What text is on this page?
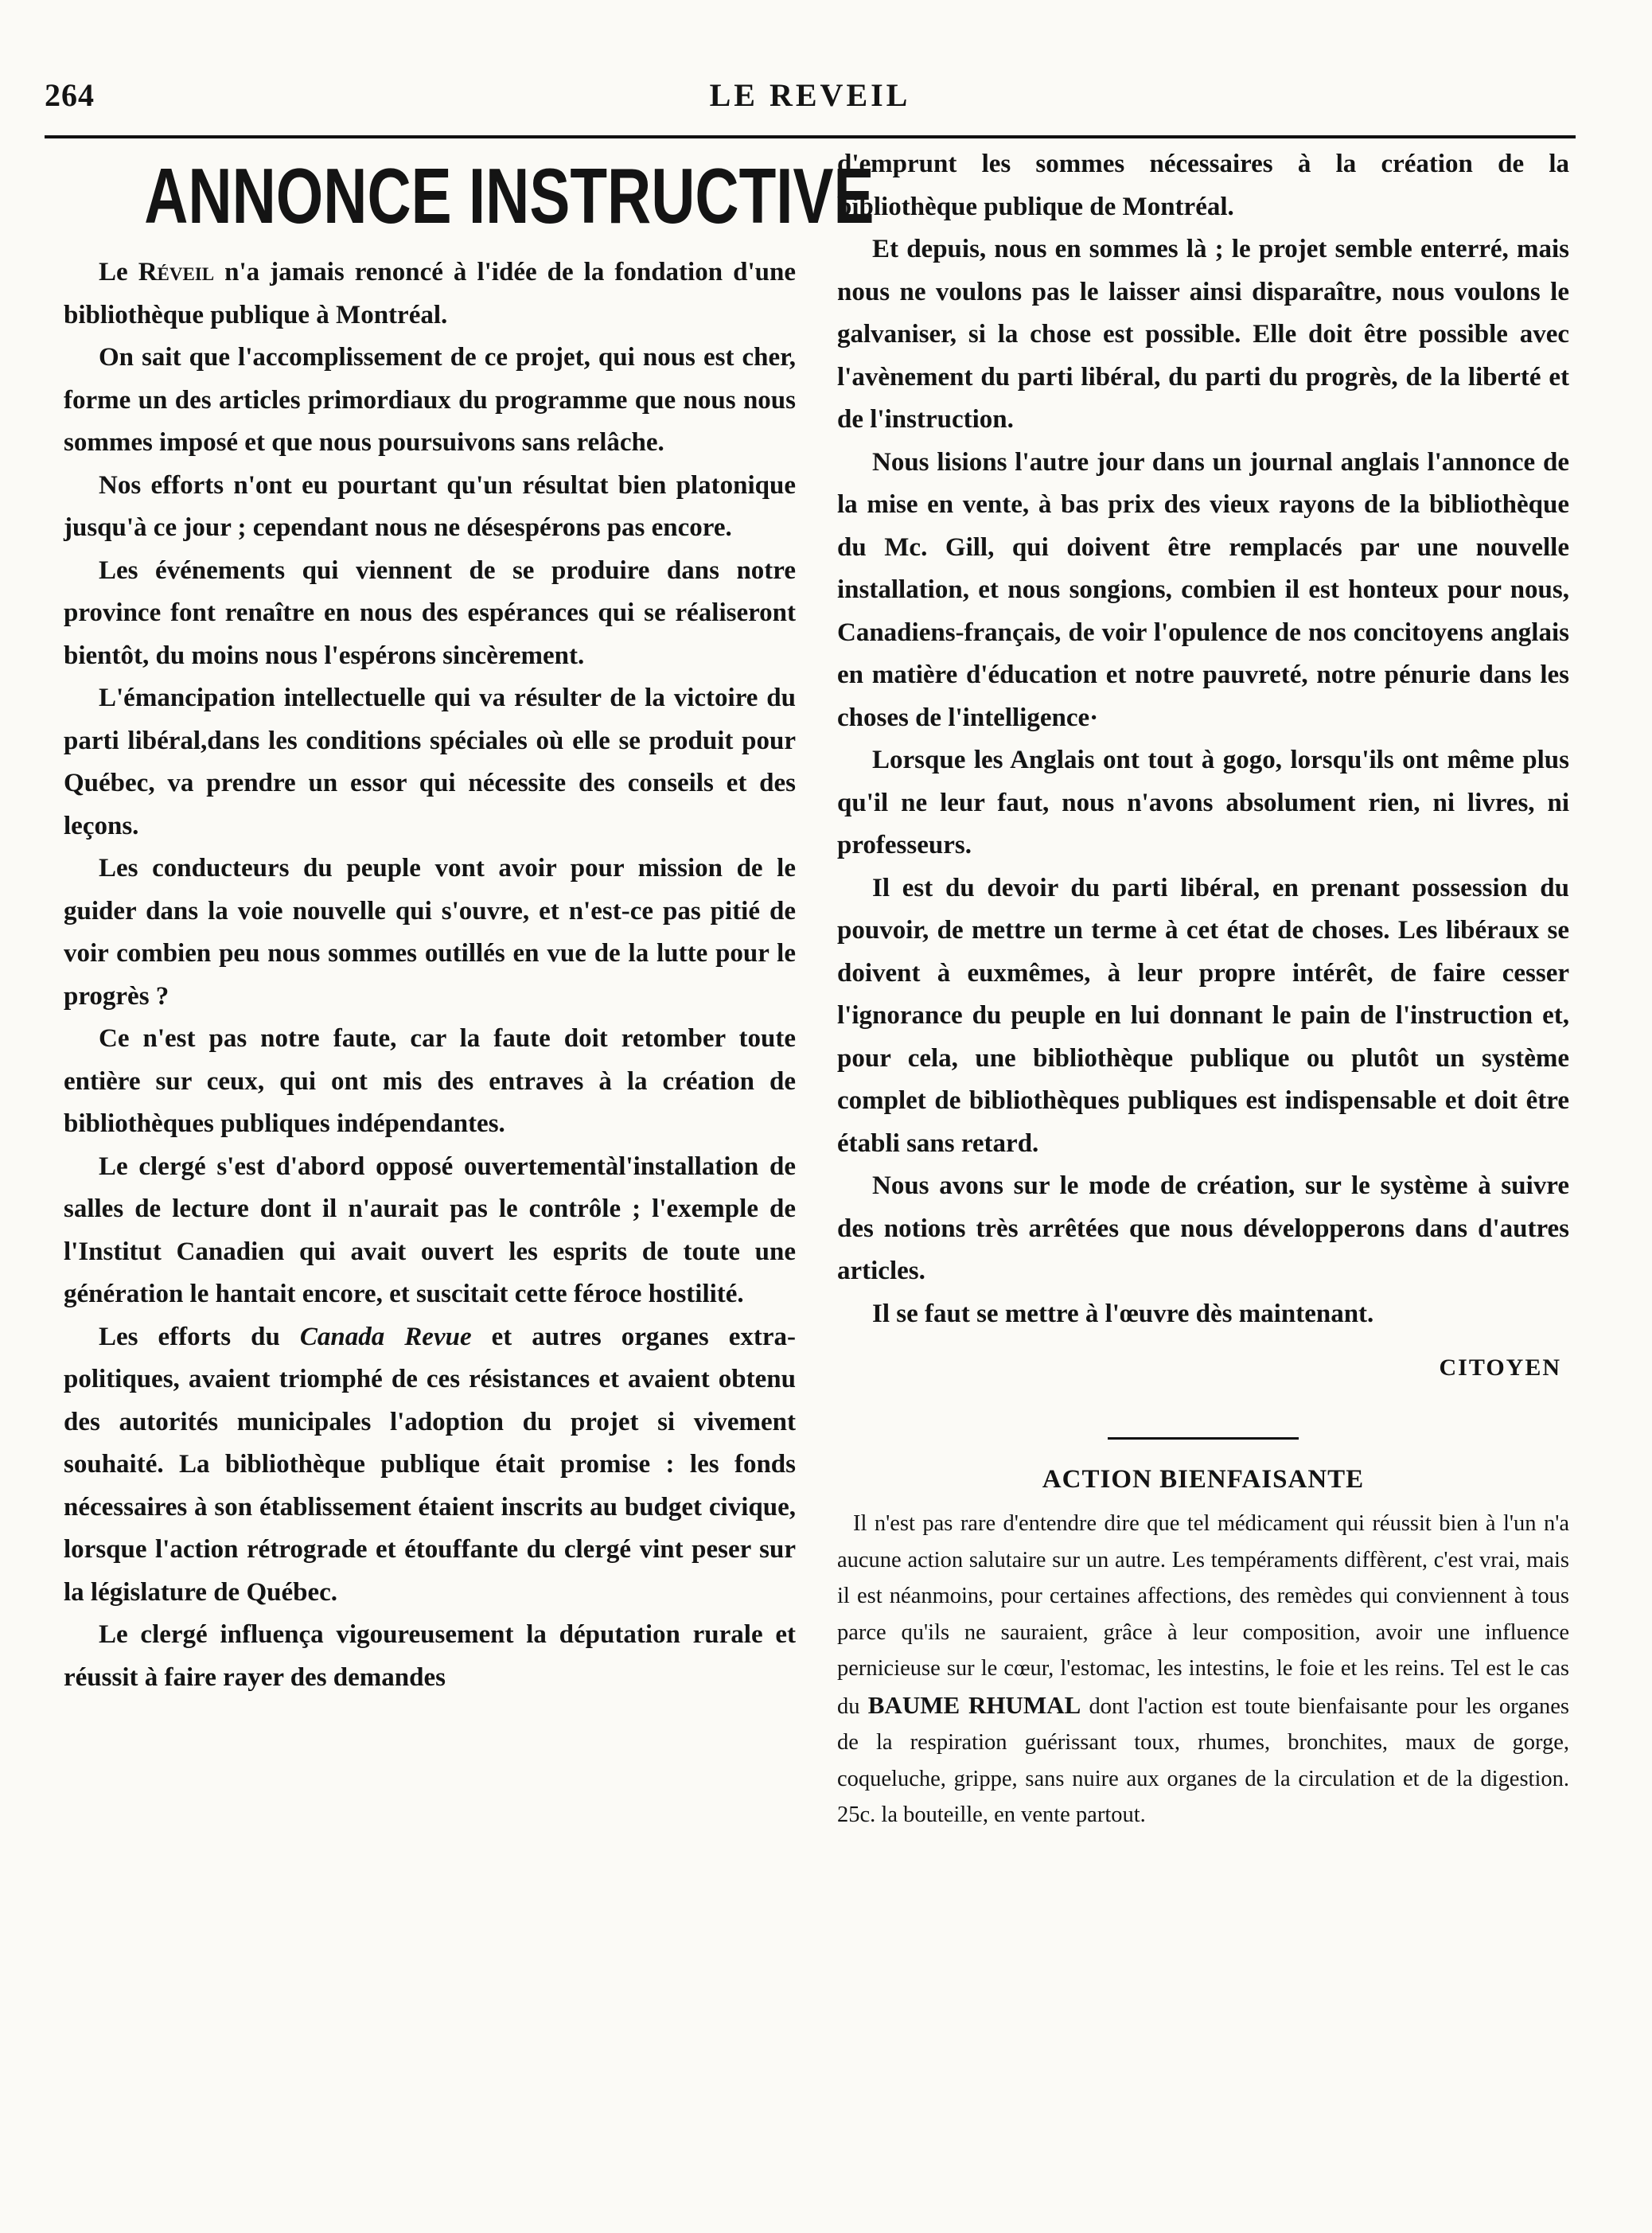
264	LE REVEIL
ANNONCE INSTRUCTIVE

Le Réveil n'a jamais renoncé à l'idée de la fondation d'une bibliothèque publique à Montréal.

On sait que l'accomplissement de ce projet, qui nous est cher, forme un des articles primordiaux du programme que nous nous sommes imposé et que nous poursuivons sans relâche.

Nos efforts n'ont eu pourtant qu'un résultat bien platonique jusqu'à ce jour ; cependant nous ne désespérons pas encore.

Les événements qui viennent de se produire dans notre province font renaître en nous des espérances qui se réaliseront bientôt, du moins nous l'espérons sincèrement.

L'émancipation intellectuelle qui va résulter de la victoire du parti libéral,dans les conditions spéciales où elle se produit pour Québec, va prendre un essor qui nécessite des conseils et des leçons.

Les conducteurs du peuple vont avoir pour mission de le guider dans la voie nouvelle qui s'ouvre, et n'est-ce pas pitié de voir combien peu nous sommes outillés en vue de la lutte pour le progrès ?

Ce n'est pas notre faute, car la faute doit retomber toute entière sur ceux, qui ont mis des entraves à la création de bibliothèques publiques indépendantes.

Le clergé s'est d'abord opposé ouvertementàl'installation de salles de lecture dont il n'aurait pas le contrôle ; l'exemple de l'Institut Canadien qui avait ouvert les esprits de toute une génération le hantait encore, et suscitait cette féroce hostilité.

Les efforts du Canada Revue et autres organes extra-politiques, avaient triomphé de ces résistances et avaient obtenu des autorités municipales l'adoption du projet si vivement souhaité. La bibliothèque publique était promise : les fonds nécessaires à son établissement étaient inscrits au budget civique, lorsque l'action rétrograde et étouffante du clergé vint peser sur la législature de Québec.

Le clergé influença vigoureusement la députation rurale et réussit à faire rayer des demandes

d'emprunt les sommes nécessaires à la création de la bibliothèque publique de Montréal.

Et depuis, nous en sommes là ; le projet semble enterré, mais nous ne voulons pas le laisser ainsi disparaître, nous voulons le galvaniser, si la chose est possible. Elle doit être possible avec l'avènement du parti libéral, du parti du progrès, de la liberté et de l'instruction.

Nous lisions l'autre jour dans un journal anglais l'annonce de la mise en vente, à bas prix des vieux rayons de la bibliothèque du Mc. Gill, qui doivent être remplacés par une nouvelle installation, et nous songions, combien il est honteux pour nous, Canadiens-français, de voir l'opulence de nos concitoyens anglais en matière d'éducation et notre pauvreté, notre pénurie dans les choses de l'intelligence·

Lorsque les Anglais ont tout à gogo, lorsqu'ils ont même plus qu'il ne leur faut, nous n'avons absolument rien, ni livres, ni professeurs.

Il est du devoir du parti libéral, en prenant possession du pouvoir, de mettre un terme à cet état de choses. Les libéraux se doivent à euxmêmes, à leur propre intérêt, de faire cesser l'ignorance du peuple en lui donnant le pain de l'instruction et, pour cela, une bibliothèque publique ou plutôt un système complet de bibliothèques publiques est indispensable et doit être établi sans retard.

Nous avons sur le mode de création, sur le système à suivre des notions très arrêtées que nous développerons dans d'autres articles.

Il se faut se mettre à l'œuvre dès maintenant.

CITOYEN
ACTION BIENFAISANTE

Il n'est pas rare d'entendre dire que tel médicament qui réussit bien à l'un n'a aucune action salutaire sur un autre. Les tempéraments diffèrent, c'est vrai, mais il est néanmoins, pour certaines affections, des remèdes qui conviennent à tous parce qu'ils ne sauraient, grâce à leur composition, avoir une influence pernicieuse sur le cœur, l'estomac, les intestins, le foie et les reins. Tel est le cas du BAUME RHUMAL dont l'action est toute bienfaisante pour les organes de la respiration guérissant toux, rhumes, bronchites, maux de gorge, coqueluche, grippe, sans nuire aux organes de la circulation et de la digestion. 25c. la bouteille, en vente partout.
